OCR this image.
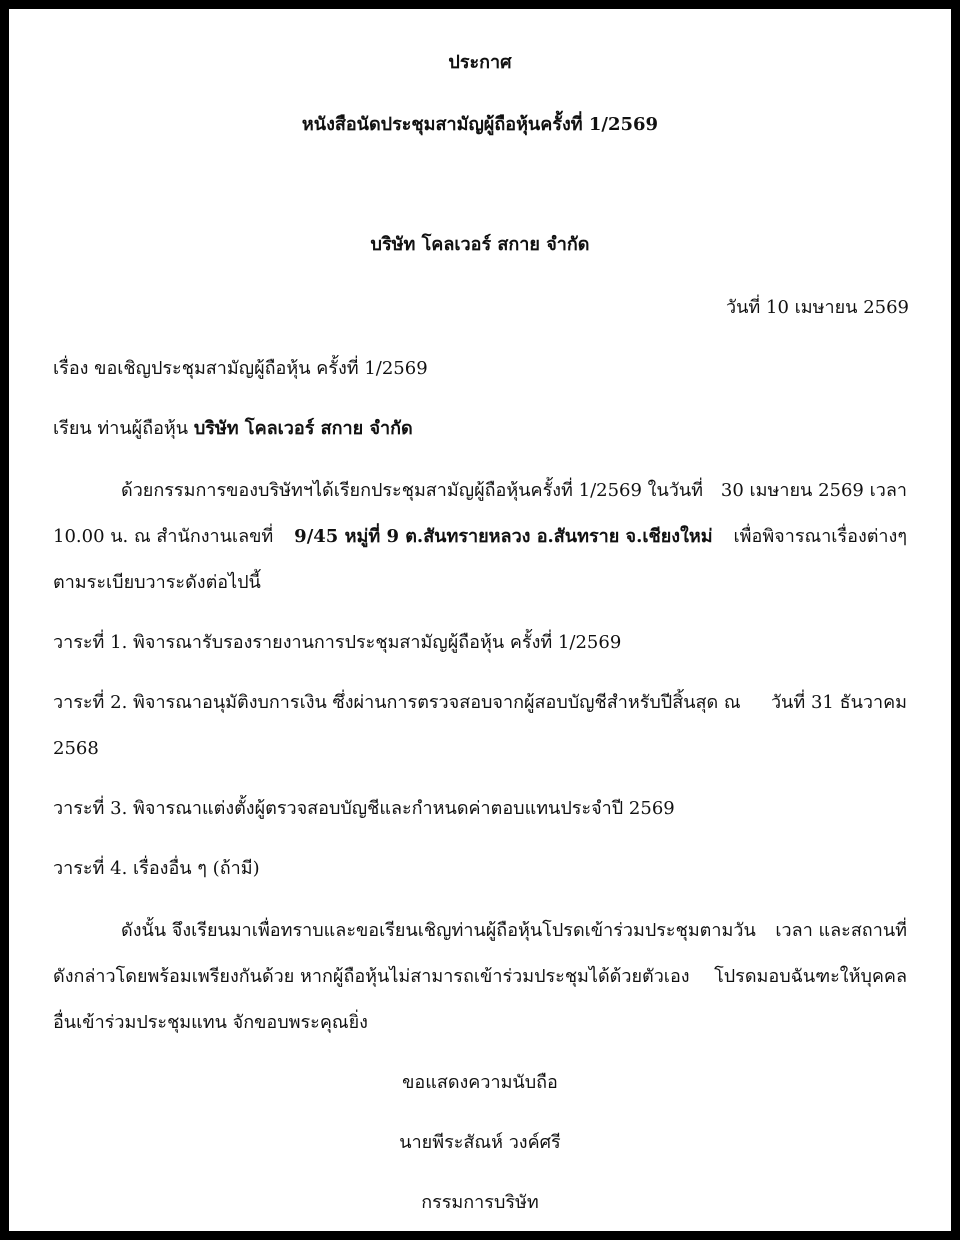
ประกาศ
หนังสือนัดประชุมสามัญผู้ถือหุ้นครั้งที่ 1/2569
บริษัท โคลเวอร์ สกาย จำกัด
วันที่ 10 เมษายน 2569
เรื่อง ขอเชิญประชุมสามัญผู้ถือหุ้น ครั้งที่ 1/2569
เรียน ท่านผู้ถือหุ้น บริษัท โคลเวอร์ สกาย จำกัด
ด้วยกรรมการของบริษัทฯได้เรียกประชุมสามัญผู้ถือหุ้นครั้งที่ 1/2569 ในวันที่ 30 เมษายน 2569 เวลา
10.00 น. ณ สำนักงานเลขที่ 9/45 หมู่ที่ 9 ต.สันทรายหลวง อ.สันทราย จ.เชียงใหม่ เพื่อพิจารณาเรื่องต่างๆ
ตามระเบียบวาระดังต่อไปนี้
วาระที่ 1. พิจารณารับรองรายงานการประชุมสามัญผู้ถือหุ้น ครั้งที่ 1/2569
วาระที่ 2. พิจารณาอนุมัติงบการเงิน ซึ่งผ่านการตรวจสอบจากผู้สอบบัญชีสำหรับปีสิ้นสุด ณ วันที่ 31 ธันวาคม
2568
วาระที่ 3. พิจารณาแต่งตั้งผู้ตรวจสอบบัญชีและกำหนดค่าตอบแทนประจำปี 2569
วาระที่ 4. เรื่องอื่น ๆ (ถ้ามี)
ดังนั้น จึงเรียนมาเพื่อทราบและขอเรียนเชิญท่านผู้ถือหุ้นโปรดเข้าร่วมประชุมตามวัน เวลา และสถานที่
ดังกล่าวโดยพร้อมเพรียงกันด้วย หากผู้ถือหุ้นไม่สามารถเข้าร่วมประชุมได้ด้วยตัวเอง โปรดมอบฉันฑะให้บุคคล
อื่นเข้าร่วมประชุมแทน จักขอบพระคุณยิ่ง
ขอแสดงความนับถือ
นายพีระสัณห์ วงค์ศรี
กรรมการบริษัท
